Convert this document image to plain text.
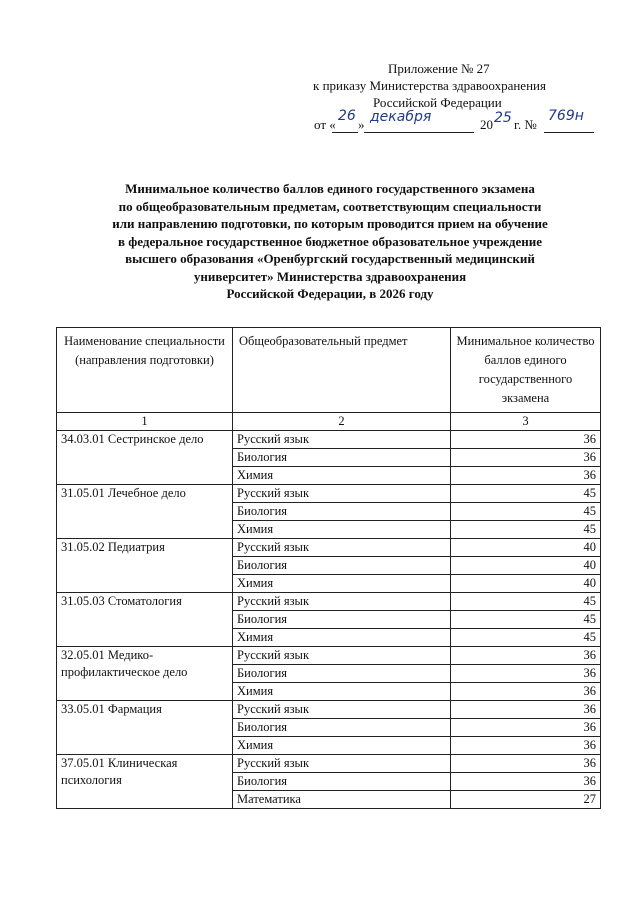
Приложение № 27
к приказу Министерства здравоохранения
Российской Федерации
от «
26
» декабря	20 25 г. №
769н
Минимальное количество баллов единого государственного экзамена
по общеобразовательным предметам, соответствующим специальности
или направлению подготовки, по которым проводится прием на обучение
в федеральное государственное бюджетное образовательное учреждение
высшего образования «Оренбургский государственный медицинский
университет» Министерства здравоохранения
Российской Федерации, в 2026 году
Наименование специальности (направления подготовки)	Общеобразовательный предмет	Минимальное количество баллов единого государственного экзамена
1	2	3
34.03.01 Сестринское дело	Русский язык	36
	Биология	36
	Химия	36
31.05.01 Лечебное дело	Русский язык	45
	Биология	45
	Химия	45
31.05.02 Педиатрия	Русский язык	40
	Биология	40
	Химия	40
31.05.03 Стоматология	Русский язык	45
	Биология	45
	Химия	45
32.05.01 Медико-профилактическое дело	Русский язык	36
	Биология	36
	Химия	36
33.05.01 Фармация	Русский язык	36
	Биология	36
	Химия	36
37.05.01 Клиническая психология	Русский язык	36
	Биология	36
	Математика	27
